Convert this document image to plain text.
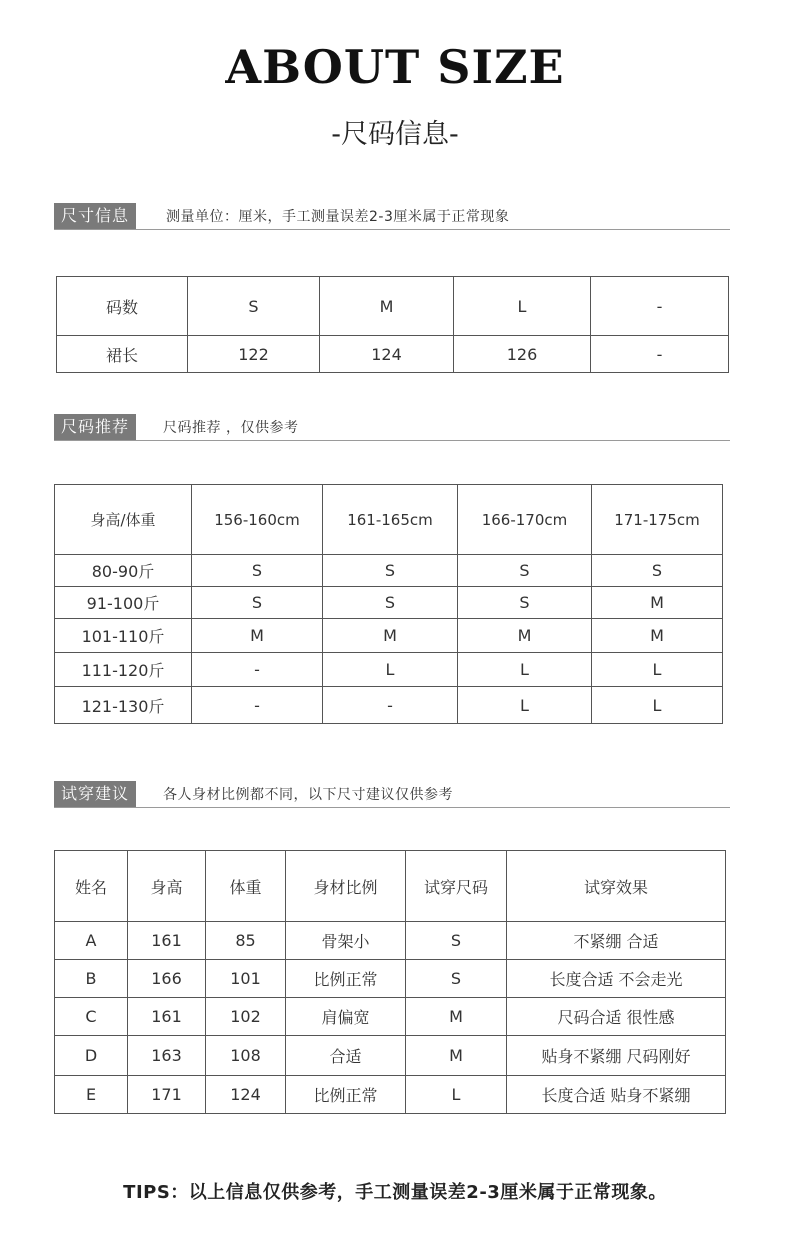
ABOUT SIZE
-尺码信息-
尺寸信息	测量单位：厘米，手工测量误差2-3厘米属于正常现象
码数	S	M	L	-
裙长	122	124	126	-
尺码推荐	尺码推荐 ，仅供参考
身高/体重	156-160cm	161-165cm	166-170cm	171-175cm
80-90斤	S	S	S	S
91-100斤	S	S	S	M
101-110斤	M	M	M	M
111-120斤	-	L	L	L
121-130斤	-	-	L	L
试穿建议	各人身材比例都不同，以下尺寸建议仅供参考
姓名	身高	体重	身材比例	试穿尺码	试穿效果
A	161	85	骨架小	S	不紧绷 合适
B	166	101	比例正常	S	长度合适 不会走光
C	161	102	肩偏宽	M	尺码合适 很性感
D	163	108	合适	M	贴身不紧绷 尺码刚好
E	171	124	比例正常	L	长度合适 贴身不紧绷
TIPS：以上信息仅供参考，手工测量误差2-3厘米属于正常现象。
